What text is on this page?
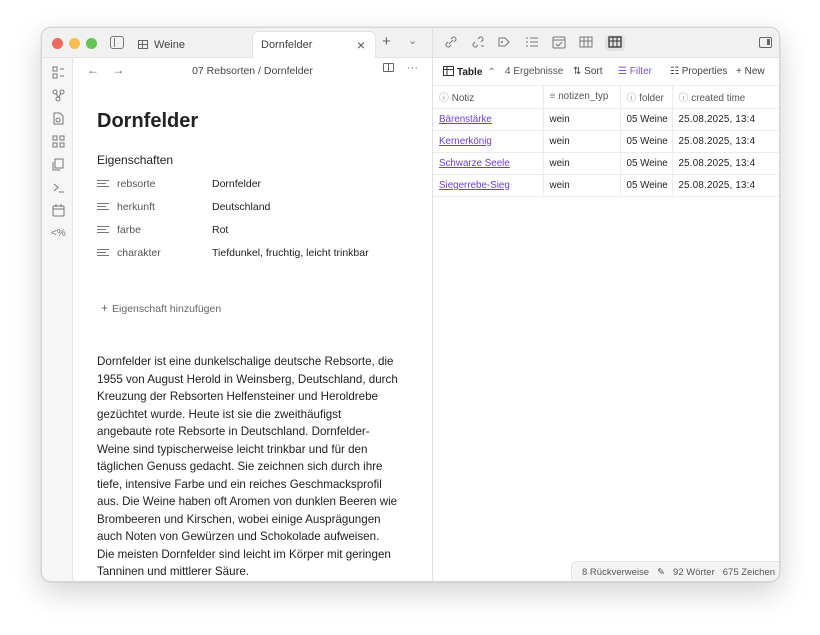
Weine	Dornfelder	× + ⌄
<%
← →	07 Rebsorten / Dornfelder	···
Dornfelder
Eigenschaften
rebsorte	Dornfelder
herkunft	Deutschland
farbe	Rot
charakter	Tiefdunkel, fruchtig, leicht trinkbar
+ Eigenschaft hinzufügen
Dornfelder ist eine dunkelschalige deutsche Rebsorte, die 1955 von August Herold in Weinsberg, Deutschland, durch Kreuzung der Rebsorten Helfensteiner und Heroldrebe gezüchtet wurde. Heute ist sie die zweithäufigst angebaute rote Rebsorte in Deutschland. Dornfelder-Weine sind typischerweise leicht trinkbar und für den täglichen Genuss gedacht. Sie zeichnen sich durch ihre tiefe, intensive Farbe und ein reiches Geschmacksprofil aus. Die Weine haben oft Aromen von dunklen Beeren wie Brombeeren und Kirschen, wobei einige Ausprägungen auch Noten von Gewürzen und Schokolade aufweisen. Die meisten Dornfelder sind leicht im Körper mit geringen Tanninen und mittlerer Säure.
Table ⌃ 4 Ergebnisse ⇅ Sort ☰ Filter ☷ Properties + New
ⓘ Notiz	≡ notizen_typ	ⓘ folder	ⓘ created time
Bärenstärke	wein	05 Weine	25.08.2025, 13:4
Kernerkönig	wein	05 Weine	25.08.2025, 13:4
Schwarze Seele	wein	05 Weine	25.08.2025, 13:4
Siegerrebe-Sieg	wein	05 Weine	25.08.2025, 13:4
8 Rückverweise ✎ 92 Wörter 675 Zeichen
